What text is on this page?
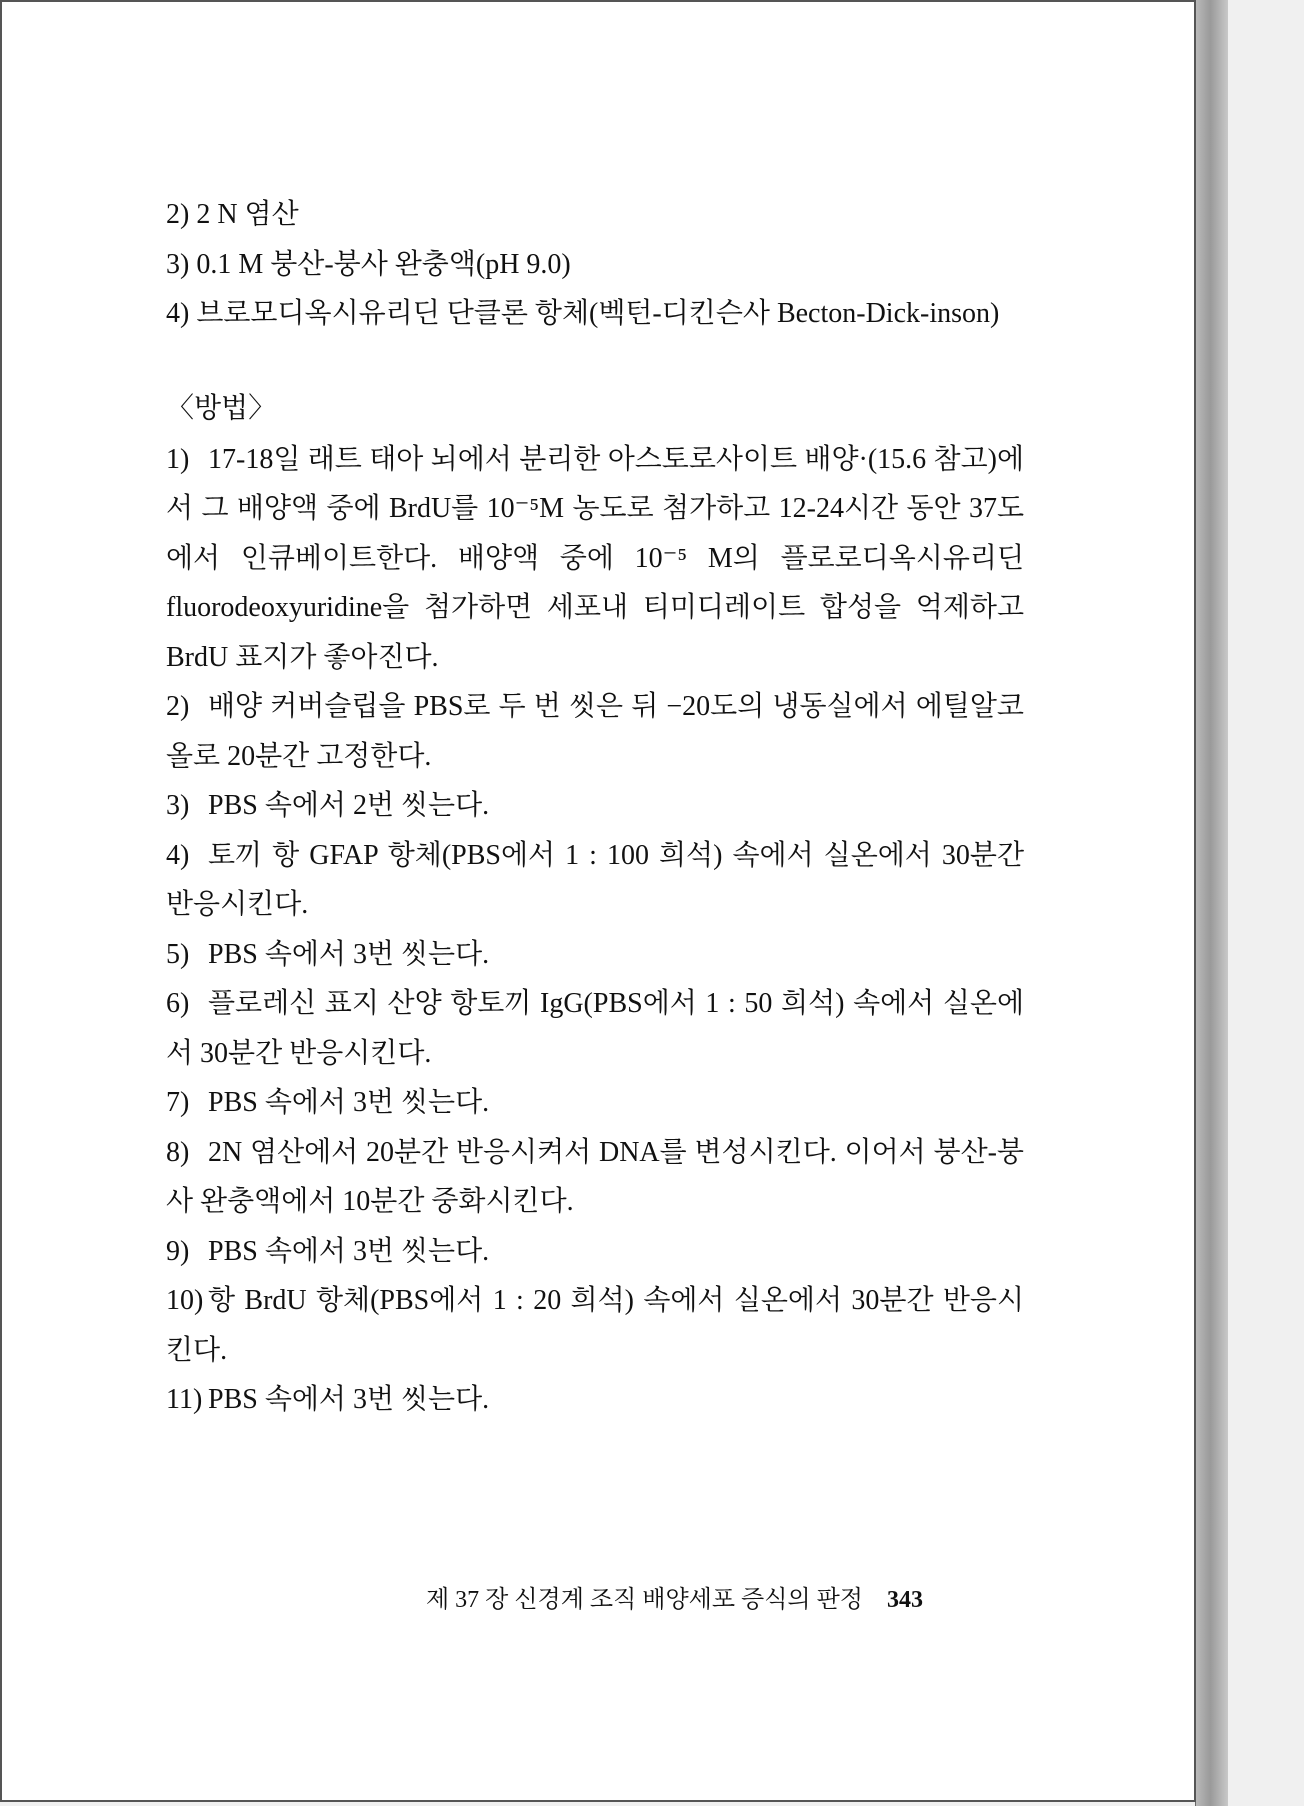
2) 2 N 염산
3) 0.1 M 붕산-붕사 완충액(pH 9.0)
4) 브로모디옥시유리딘 단클론 항체(벡턴-디킨슨사 Becton-Dick-inson)
〈방법〉
1) 17-18일 래트 태아 뇌에서 분리한 아스토로사이트 배양·(15.6 참고)에서 그 배양액 중에 BrdU를 10⁻⁵M 농도로 첨가하고 12-24시간 동안 37도에서 인큐베이트한다. 배양액 중에 10⁻⁵ M의 플로로디옥시유리딘 fluorodeoxyuridine을 첨가하면 세포내 티미디레이트 합성을 억제하고 BrdU 표지가 좋아진다.
2) 배양 커버슬립을 PBS로 두 번 씻은 뒤 −20도의 냉동실에서 에틸알코올로 20분간 고정한다.
3) PBS 속에서 2번 씻는다.
4) 토끼 항 GFAP 항체(PBS에서 1 : 100 희석) 속에서 실온에서 30분간 반응시킨다.
5) PBS 속에서 3번 씻는다.
6) 플로레신 표지 산양 항토끼 IgG(PBS에서 1 : 50 희석) 속에서 실온에서 30분간 반응시킨다.
7) PBS 속에서 3번 씻는다.
8) 2N 염산에서 20분간 반응시켜서 DNA를 변성시킨다. 이어서 붕산-붕사 완충액에서 10분간 중화시킨다.
9) PBS 속에서 3번 씻는다.
10) 항 BrdU 항체(PBS에서 1 : 20 희석) 속에서 실온에서 30분간 반응시킨다.
11) PBS 속에서 3번 씻는다.
제 37 장 신경계 조직 배양세포 증식의 판정 343
